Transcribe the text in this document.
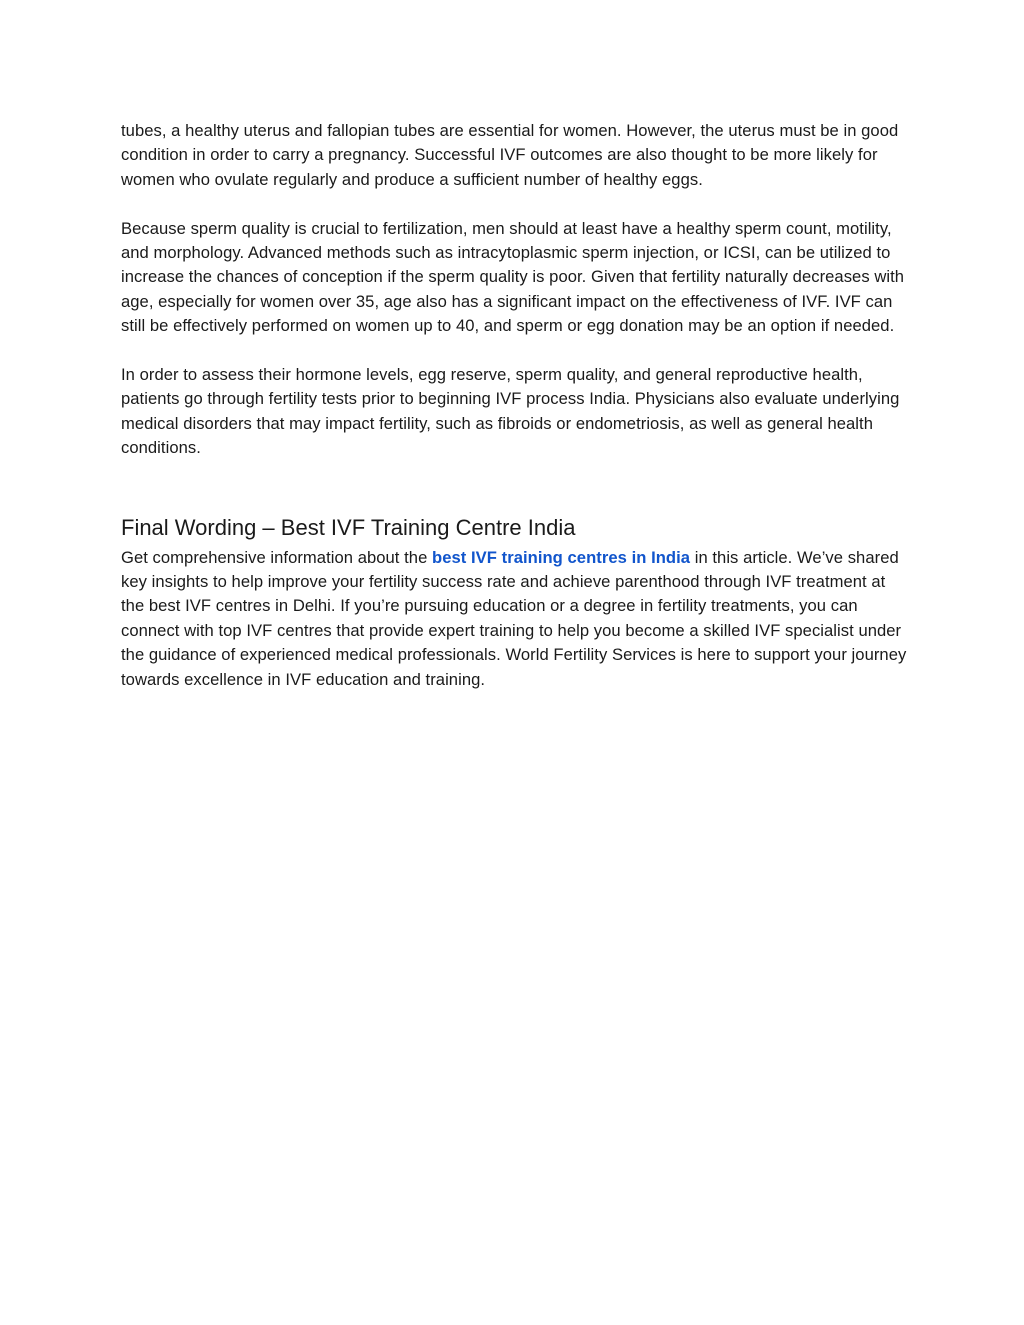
tubes, a healthy uterus and fallopian tubes are essential for women. However, the uterus must be in good condition in order to carry a pregnancy. Successful IVF outcomes are also thought to be more likely for women who ovulate regularly and produce a sufficient number of healthy eggs.

Because sperm quality is crucial to fertilization, men should at least have a healthy sperm count, motility, and morphology. Advanced methods such as intracytoplasmic sperm injection, or ICSI, can be utilized to increase the chances of conception if the sperm quality is poor. Given that fertility naturally decreases with age, especially for women over 35, age also has a significant impact on the effectiveness of IVF. IVF can still be effectively performed on women up to 40, and sperm or egg donation may be an option if needed.

In order to assess their hormone levels, egg reserve, sperm quality, and general reproductive health, patients go through fertility tests prior to beginning IVF process India. Physicians also evaluate underlying medical disorders that may impact fertility, such as fibroids or endometriosis, as well as general health conditions.

Final Wording – Best IVF Training Centre India

Get comprehensive information about the best IVF training centres in India in this article. We’ve shared key insights to help improve your fertility success rate and achieve parenthood through IVF treatment at the best IVF centres in Delhi. If you’re pursuing education or a degree in fertility treatments, you can connect with top IVF centres that provide expert training to help you become a skilled IVF specialist under the guidance of experienced medical professionals. World Fertility Services is here to support your journey towards excellence in IVF education and training.
